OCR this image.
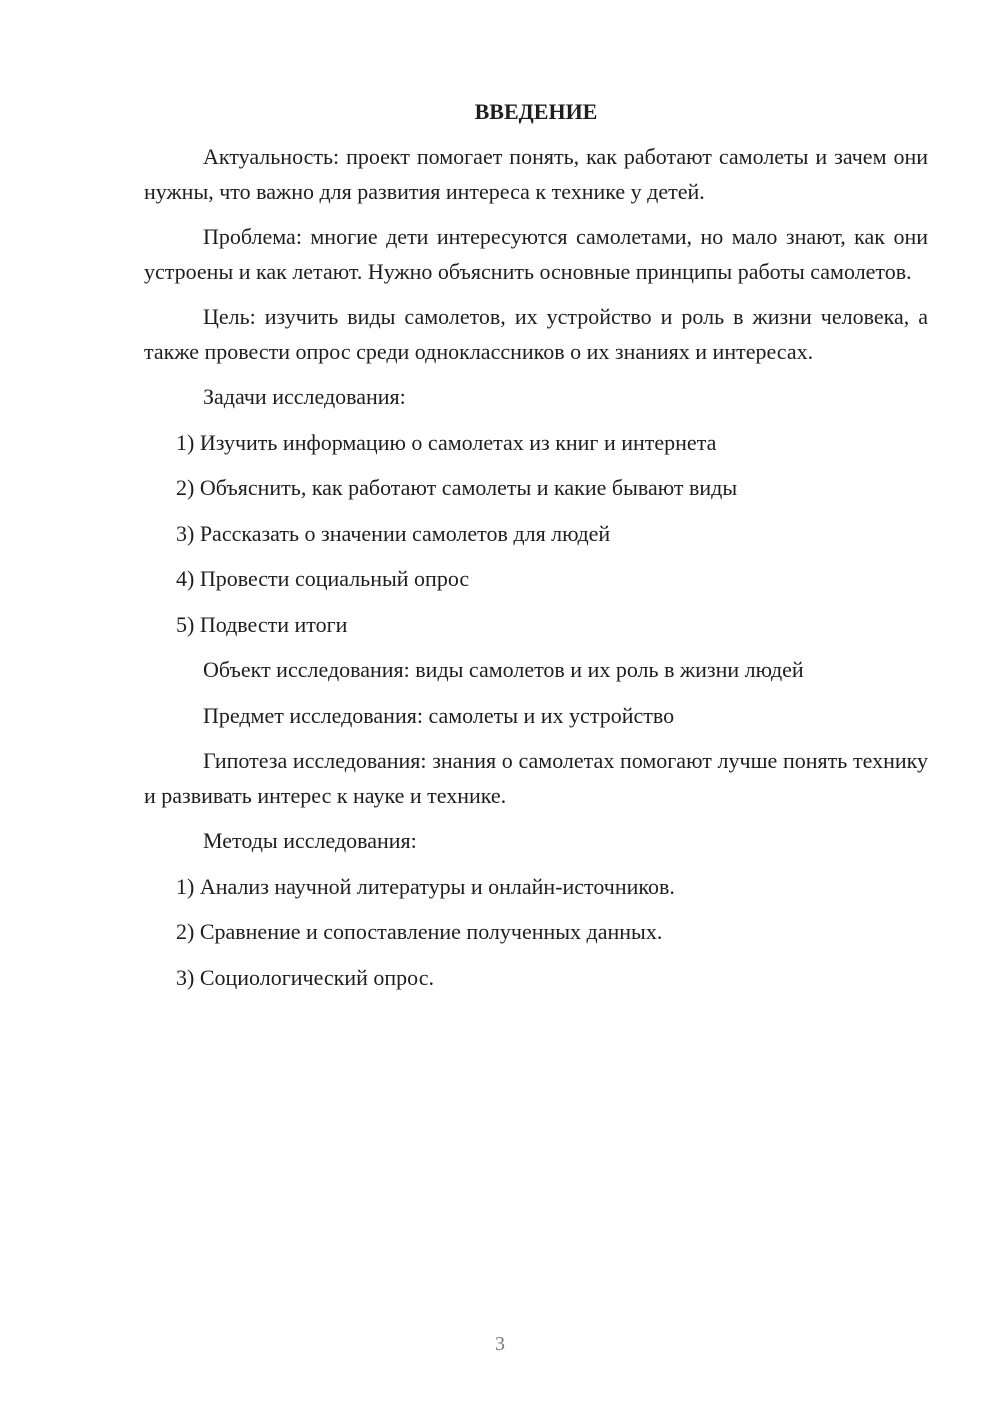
ВВЕДЕНИЕ

Актуальность: проект помогает понять, как работают самолеты и зачем они нужны, что важно для развития интереса к технике у детей.

Проблема: многие дети интересуются самолетами, но мало знают, как они устроены и как летают. Нужно объяснить основные принципы работы самолетов.

Цель: изучить виды самолетов, их устройство и роль в жизни человека, а также провести опрос среди одноклассников о их знаниях и интересах.

Задачи исследования:

1) Изучить информацию о самолетах из книг и интернета

2) Объяснить, как работают самолеты и какие бывают виды

3) Рассказать о значении самолетов для людей

4) Провести социальный опрос

5) Подвести итоги

Объект исследования: виды самолетов и их роль в жизни людей

Предмет исследования: самолеты и их устройство

Гипотеза исследования: знания о самолетах помогают лучше понять технику и развивать интерес к науке и технике.

Методы исследования:

1) Анализ научной литературы и онлайн-источников.

2) Сравнение и сопоставление полученных данных.

3) Социологический опрос.

3
